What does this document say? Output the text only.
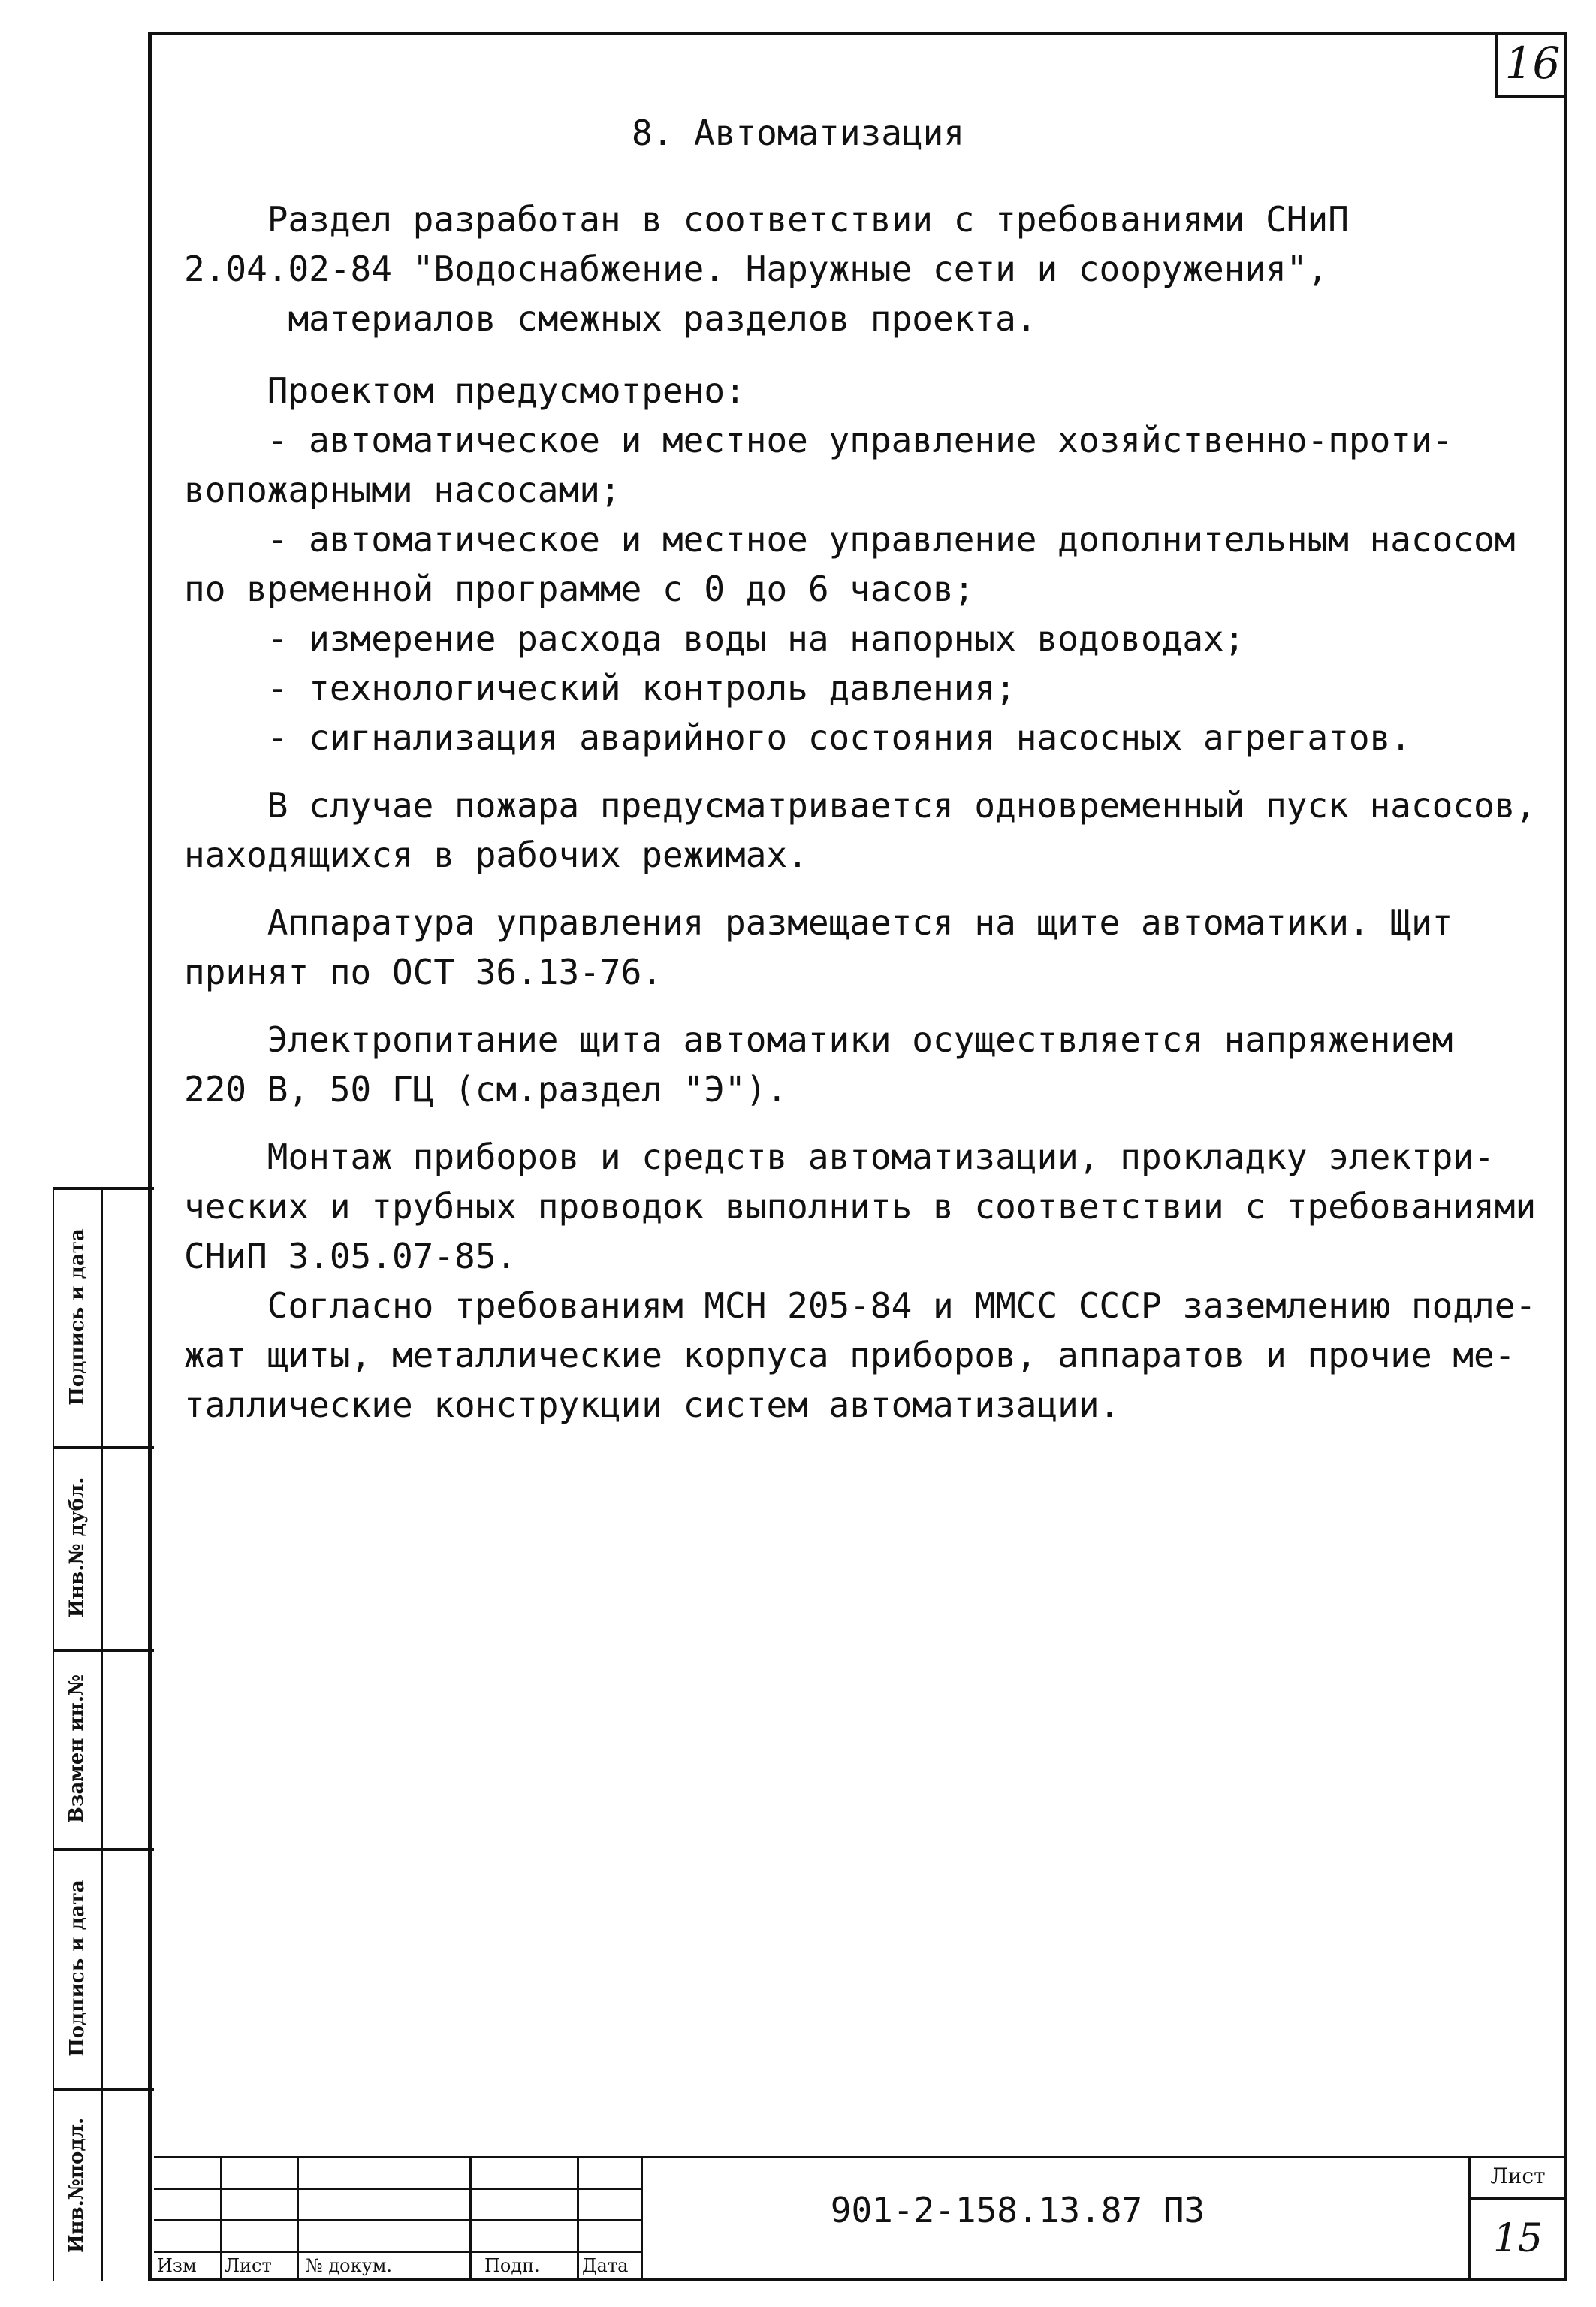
16
8. Автоматизация
Раздел разработан в соответствии с требованиями СНиП
2.04.02-84 "Водоснабжение. Наружные сети и сооружения",
материалов смежных разделов проекта.
Проектом предусмотрено:
- автоматическое и местное управление хозяйственно-проти-
вопожарными насосами;
- автоматическое и местное управление дополнительным насосом
по временной программе с 0 до 6 часов;
- измерение расхода воды на напорных водоводах;
- технологический контроль давления;
- сигнализация аварийного состояния насосных агрегатов.
В случае пожара предусматривается одновременный пуск насосов,
находящихся в рабочих режимах.
Аппаратура управления размещается на щите автоматики. Щит
принят по ОСТ 36.13-76.
Электропитание щита автоматики осуществляется напряжением
220 В, 50 ГЦ (см.раздел "Э").
Монтаж приборов и средств автоматизации, прокладку электри-
ческих и трубных проводок выполнить в соответствии с требованиями
СНиП 3.05.07-85.
Согласно требованиям МСН 205-84 и ММСС СССР заземлению подле-
жат щиты, металлические корпуса приборов, аппаратов и прочие ме-
таллические конструкции систем автоматизации.
Подпись и дата
Инв.№ дубл.
Взамен ин.№
Подпись и дата
Инв.№подл.
Изм Лист № докум.	Подп. Дата
901-2-158.13.87 ПЗ
Лист
15
